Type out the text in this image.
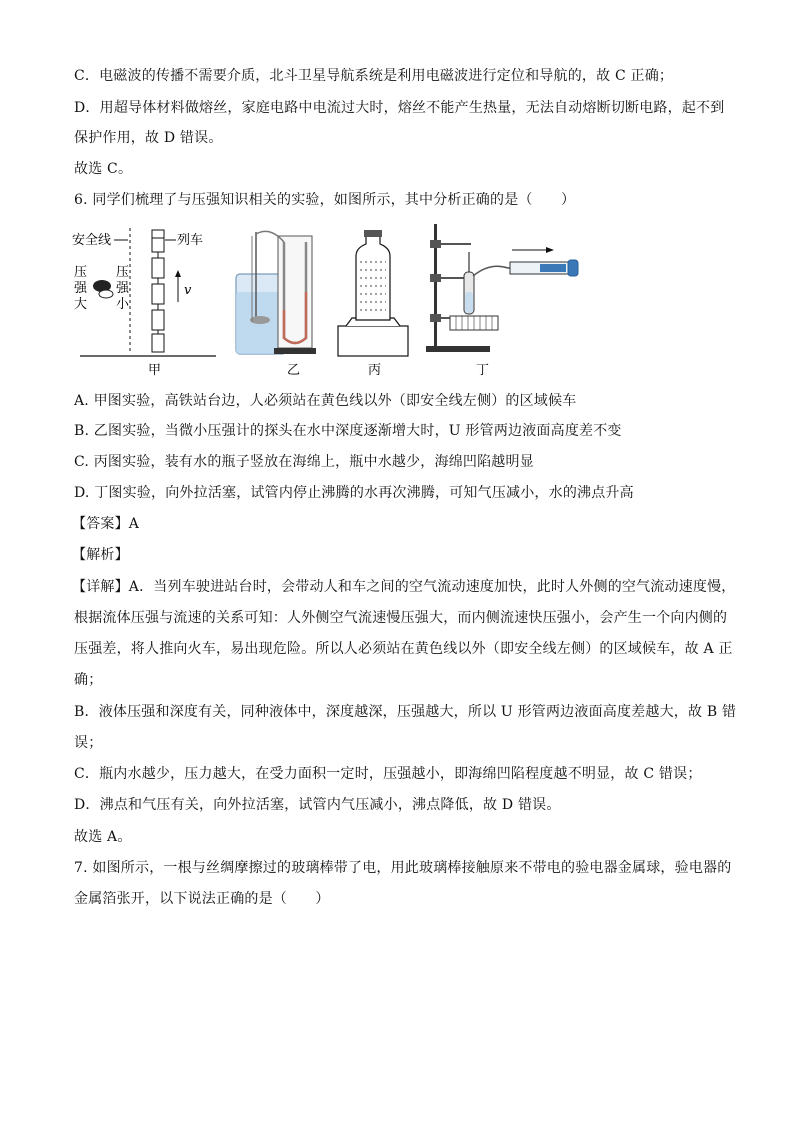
C．电磁波的传播不需要介质，北斗卫星导航系统是利用电磁波进行定位和导航的，故 C 正确；
D．用超导体材料做熔丝，家庭电路中电流过大时，熔丝不能产生热量，无法自动熔断切断电路，起不到
保护作用，故 D 错误。
故选 C。
6. 同学们梳理了与压强知识相关的实验，如图所示，其中分析正确的是（　　）
安全线	列车
压
强
大
压
强
小
v
甲	乙	丙	丁
A. 甲图实验，高铁站台边，人必须站在黄色线以外（即安全线左侧）的区域候车
B. 乙图实验，当微小压强计的探头在水中深度逐渐增大时，U 形管两边液面高度差不变
C. 丙图实验，装有水的瓶子竖放在海绵上，瓶中水越少，海绵凹陷越明显
D. 丁图实验，向外拉活塞，试管内停止沸腾的水再次沸腾，可知气压减小，水的沸点升高
【答案】A
【解析】
【详解】A．当列车驶进站台时，会带动人和车之间的空气流动速度加快，此时人外侧的空气流动速度慢，
根据流体压强与流速的关系可知：人外侧空气流速慢压强大，而内侧流速快压强小，会产生一个向内侧的
压强差，将人推向火车，易出现危险。所以人必须站在黄色线以外（即安全线左侧）的区域候车，故 A 正
确；
B．液体压强和深度有关，同种液体中，深度越深，压强越大，所以 U 形管两边液面高度差越大，故 B 错
误；
C．瓶内水越少，压力越大，在受力面积一定时，压强越小，即海绵凹陷程度越不明显，故 C 错误；
D．沸点和气压有关，向外拉活塞，试管内气压减小，沸点降低，故 D 错误。
故选 A。
7. 如图所示，一根与丝绸摩擦过的玻璃棒带了电，用此玻璃棒接触原来不带电的验电器金属球，验电器的
金属箔张开，以下说法正确的是（　　）
